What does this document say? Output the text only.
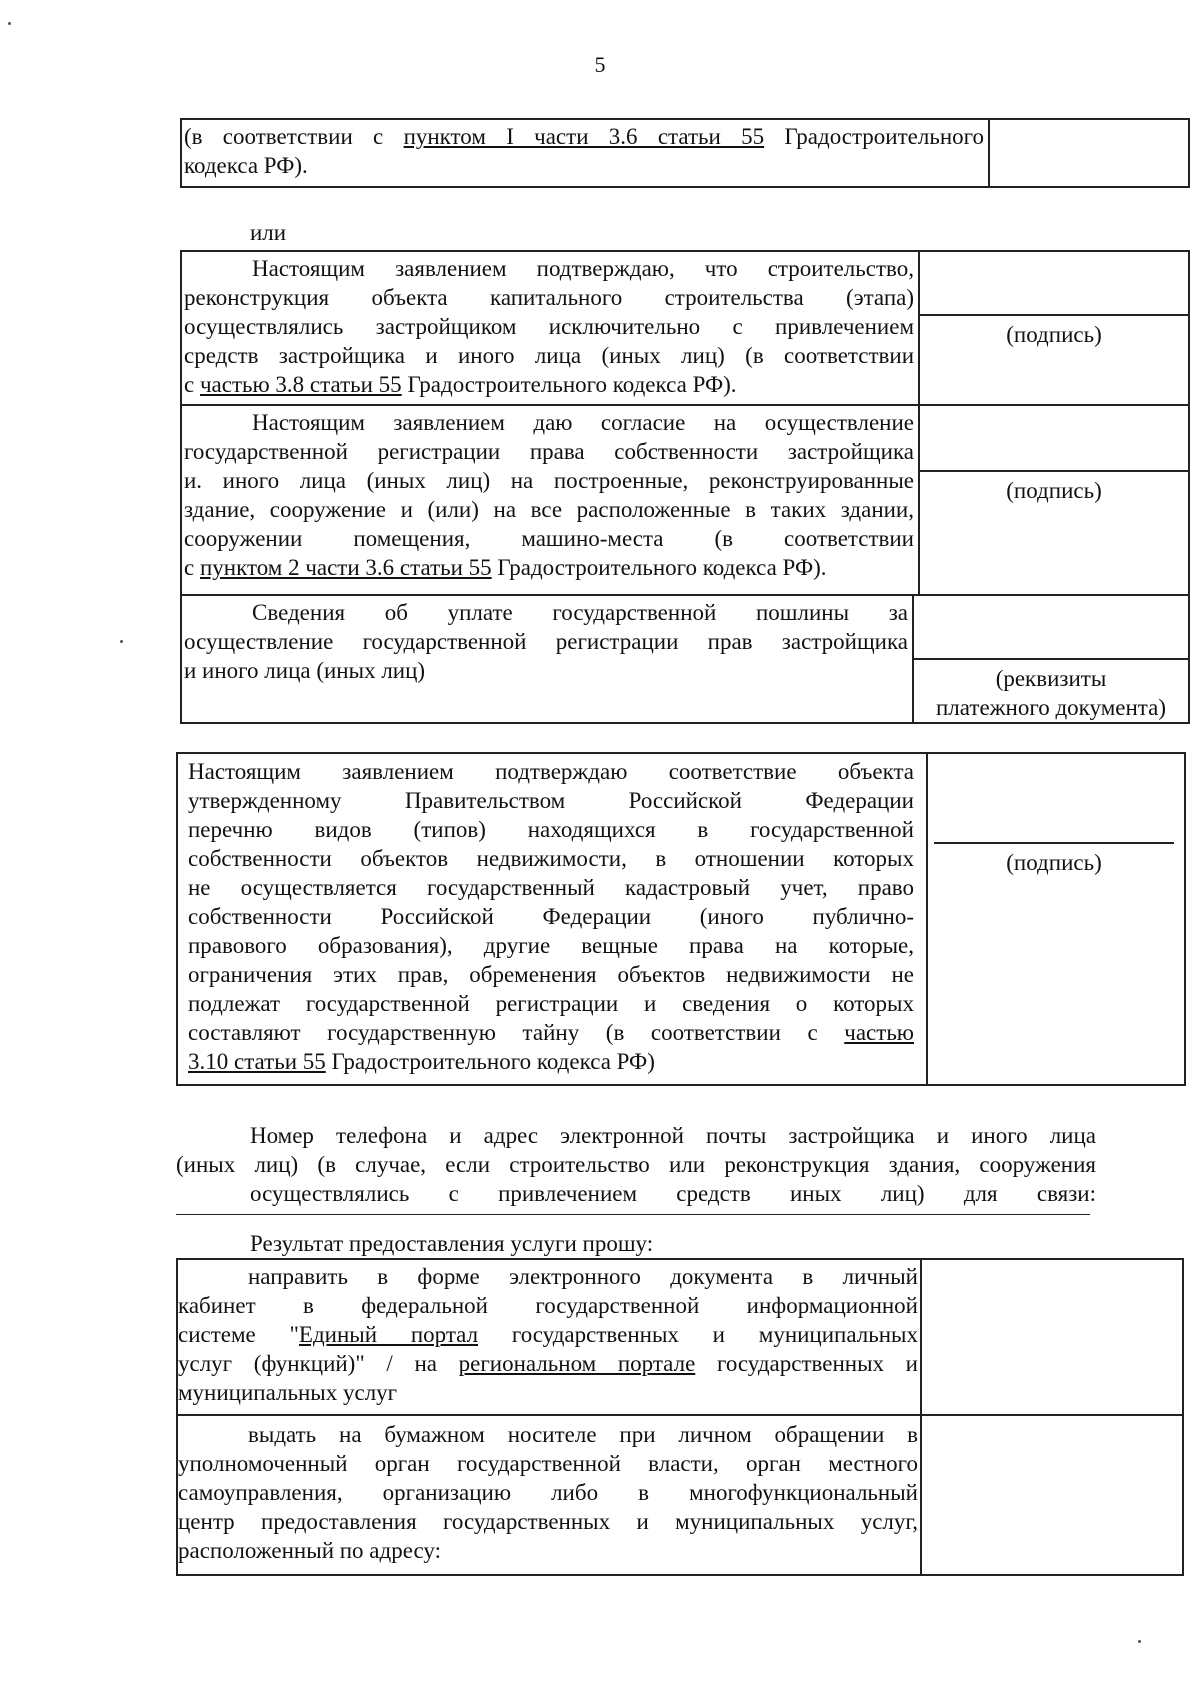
5
(в соответствии с пунктом I части 3.6 статьи 55 Градостроительного
кодекса РФ).
или
Настоящим заявлением подтверждаю, что строительство,
реконструкция объекта капитального строительства (этапа)
осуществлялись застройщиком исключительно с привлечением
средств застройщика и иного лица (иных лиц) (в соответствии
с частью 3.8 статьи 55 Градостроительного кодекса РФ).
(подпись)
Настоящим заявлением даю согласие на осуществление
государственной регистрации права собственности застройщика
и. иного лица (иных лиц) на построенные, реконструированные
здание, сооружение и (или) на все расположенные в таких здании,
сооружении помещения, машино-места (в соответствии
с пунктом 2 части 3.6 статьи 55 Градостроительного кодекса РФ).
(подпись)
Сведения об уплате государственной пошлины за
осуществление государственной регистрации прав застройщика
и иного лица (иных лиц)	(реквизиты
платежного документа)
Настоящим заявлением подтверждаю соответствие объекта
утвержденному Правительством Российской Федерации
перечню видов (типов) находящихся в государственной
собственности объектов недвижимости, в отношении которых
не осуществляется государственный кадастровый учет, право
собственности Российской Федерации (иного публично-
правового образования), другие вещные права на которые,
ограничения этих прав, обременения объектов недвижимости не
подлежат государственной регистрации и сведения о которых
составляют государственную тайну (в соответствии с частью
3.10 статьи 55 Градостроительного кодекса РФ)
(подпись)
Номер телефона и адрес электронной почты застройщика и иного лица
(иных лиц) (в случае, если строительство или реконструкция здания, сооружения
осуществлялись с привлечением средств иных лиц) для связи:
Результат предоставления услуги прошу:
направить в форме электронного документа в личный
кабинет в федеральной государственной информационной
системе "Единый портал государственных и муниципальных
услуг (функций)" / на региональном портале государственных и
муниципальных услуг
выдать на бумажном носителе при личном обращении в
уполномоченный орган государственной власти, орган местного
самоуправления, организацию либо в многофункциональный
центр предоставления государственных и муниципальных услуг,
расположенный по адресу:
